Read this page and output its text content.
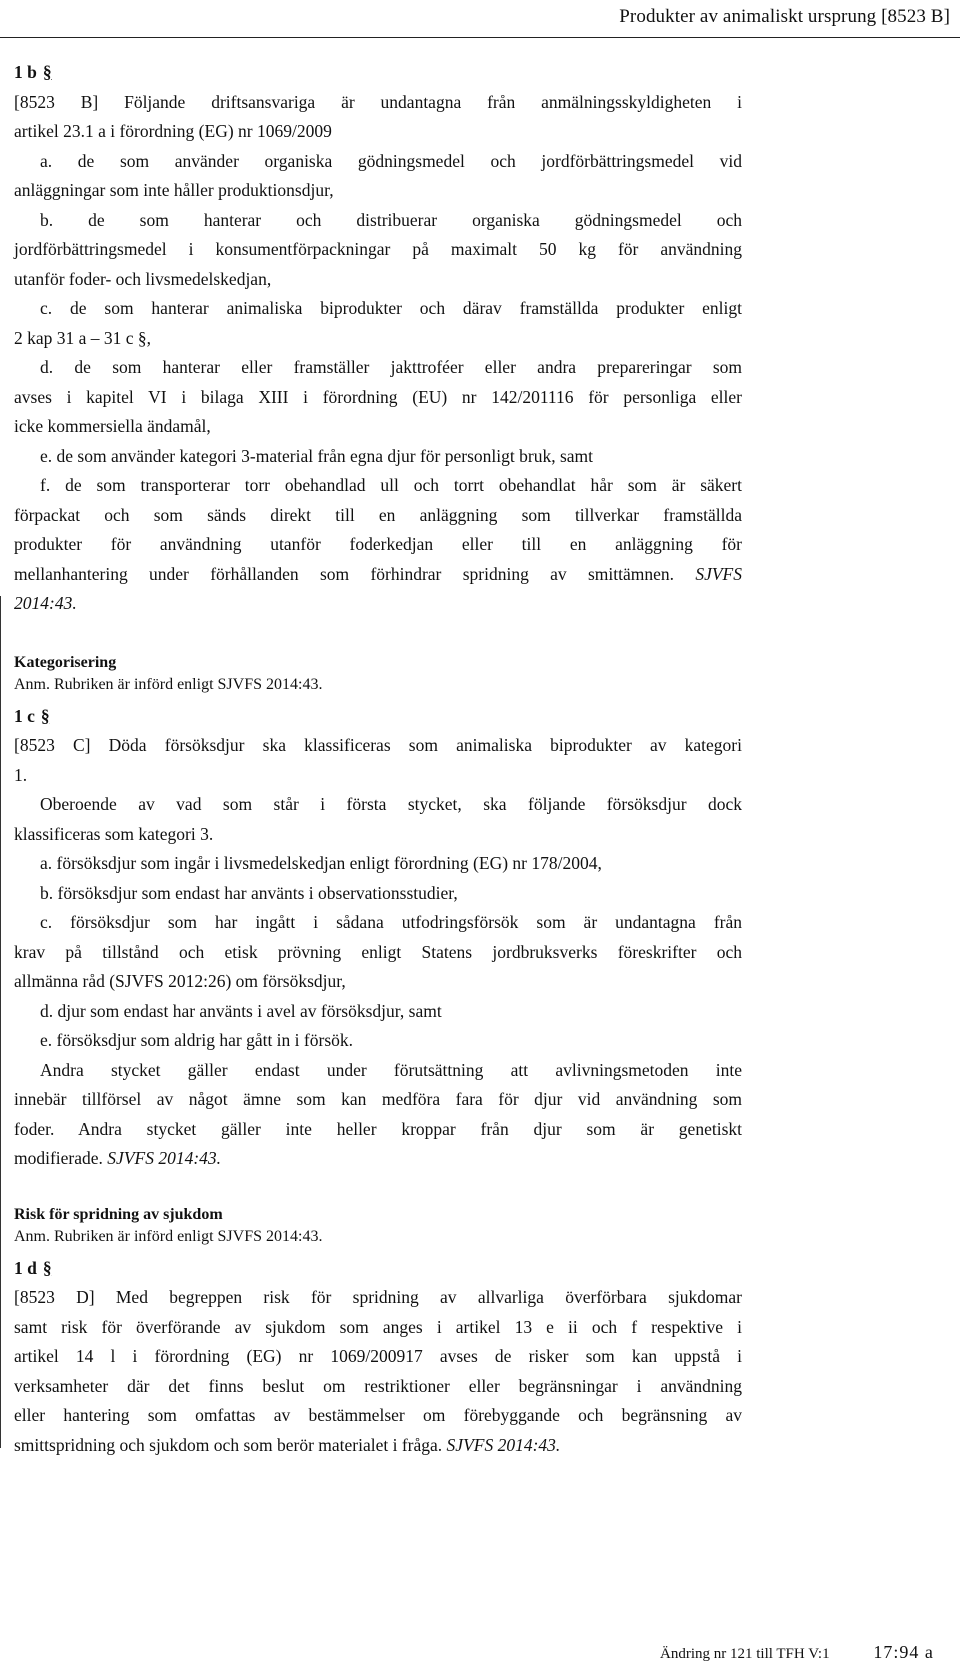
Produkter av animaliskt ursprung [8523 B]
1 b §
[8523 B] Följande driftsansvariga är undantagna från anmälningsskyldigheten i
artikel 23.1 a i förordning (EG) nr 1069/2009
a. de som använder organiska gödningsmedel och jordförbättringsmedel vid
anläggningar som inte håller produktionsdjur,
b. de som hanterar och distribuerar organiska gödningsmedel och
jordförbättringsmedel i konsumentförpackningar på maximalt 50 kg för användning
utanför foder- och livsmedelskedjan,
c. de som hanterar animaliska biprodukter och därav framställda produkter enligt
2 kap 31 a – 31 c §,
d. de som hanterar eller framställer jakttroféer eller andra prepareringar som
avses i kapitel VI i bilaga XIII i förordning (EU) nr 142/201116 för personliga eller
icke kommersiella ändamål,
e. de som använder kategori 3-material från egna djur för personligt bruk, samt
f. de som transporterar torr obehandlad ull och torrt obehandlat hår som är säkert
förpackat och som sänds direkt till en anläggning som tillverkar framställda
produkter för användning utanför foderkedjan eller till en anläggning för
mellanhantering under förhållanden som förhindrar spridning av smittämnen. SJVFS
2014:43.
Kategorisering
Anm. Rubriken är införd enligt SJVFS 2014:43.
1 c §
[8523 C] Döda försöksdjur ska klassificeras som animaliska biprodukter av kategori
1.
Oberoende av vad som står i första stycket, ska följande försöksdjur dock
klassificeras som kategori 3.
a. försöksdjur som ingår i livsmedelskedjan enligt förordning (EG) nr 178/2004,
b. försöksdjur som endast har använts i observationsstudier,
c. försöksdjur som har ingått i sådana utfodringsförsök som är undantagna från
krav på tillstånd och etisk prövning enligt Statens jordbruksverks föreskrifter och
allmänna råd (SJVFS 2012:26) om försöksdjur,
d. djur som endast har använts i avel av försöksdjur, samt
e. försöksdjur som aldrig har gått in i försök.
Andra stycket gäller endast under förutsättning att avlivningsmetoden inte
innebär tillförsel av något ämne som kan medföra fara för djur vid användning som
foder. Andra stycket gäller inte heller kroppar från djur som är genetiskt
modifierade. SJVFS 2014:43.
Risk för spridning av sjukdom
Anm. Rubriken är införd enligt SJVFS 2014:43.
1 d §
[8523 D] Med begreppen risk för spridning av allvarliga överförbara sjukdomar
samt risk för överförande av sjukdom som anges i artikel 13 e ii och f respektive i
artikel 14 l i förordning (EG) nr 1069/200917 avses de risker som kan uppstå i
verksamheter där det finns beslut om restriktioner eller begränsningar i användning
eller hantering som omfattas av bestämmelser om förebyggande och begränsning av
smittspridning och sjukdom och som berör materialet i fråga. SJVFS 2014:43.
Ändring nr 121 till TFH V:1 17:94 a
